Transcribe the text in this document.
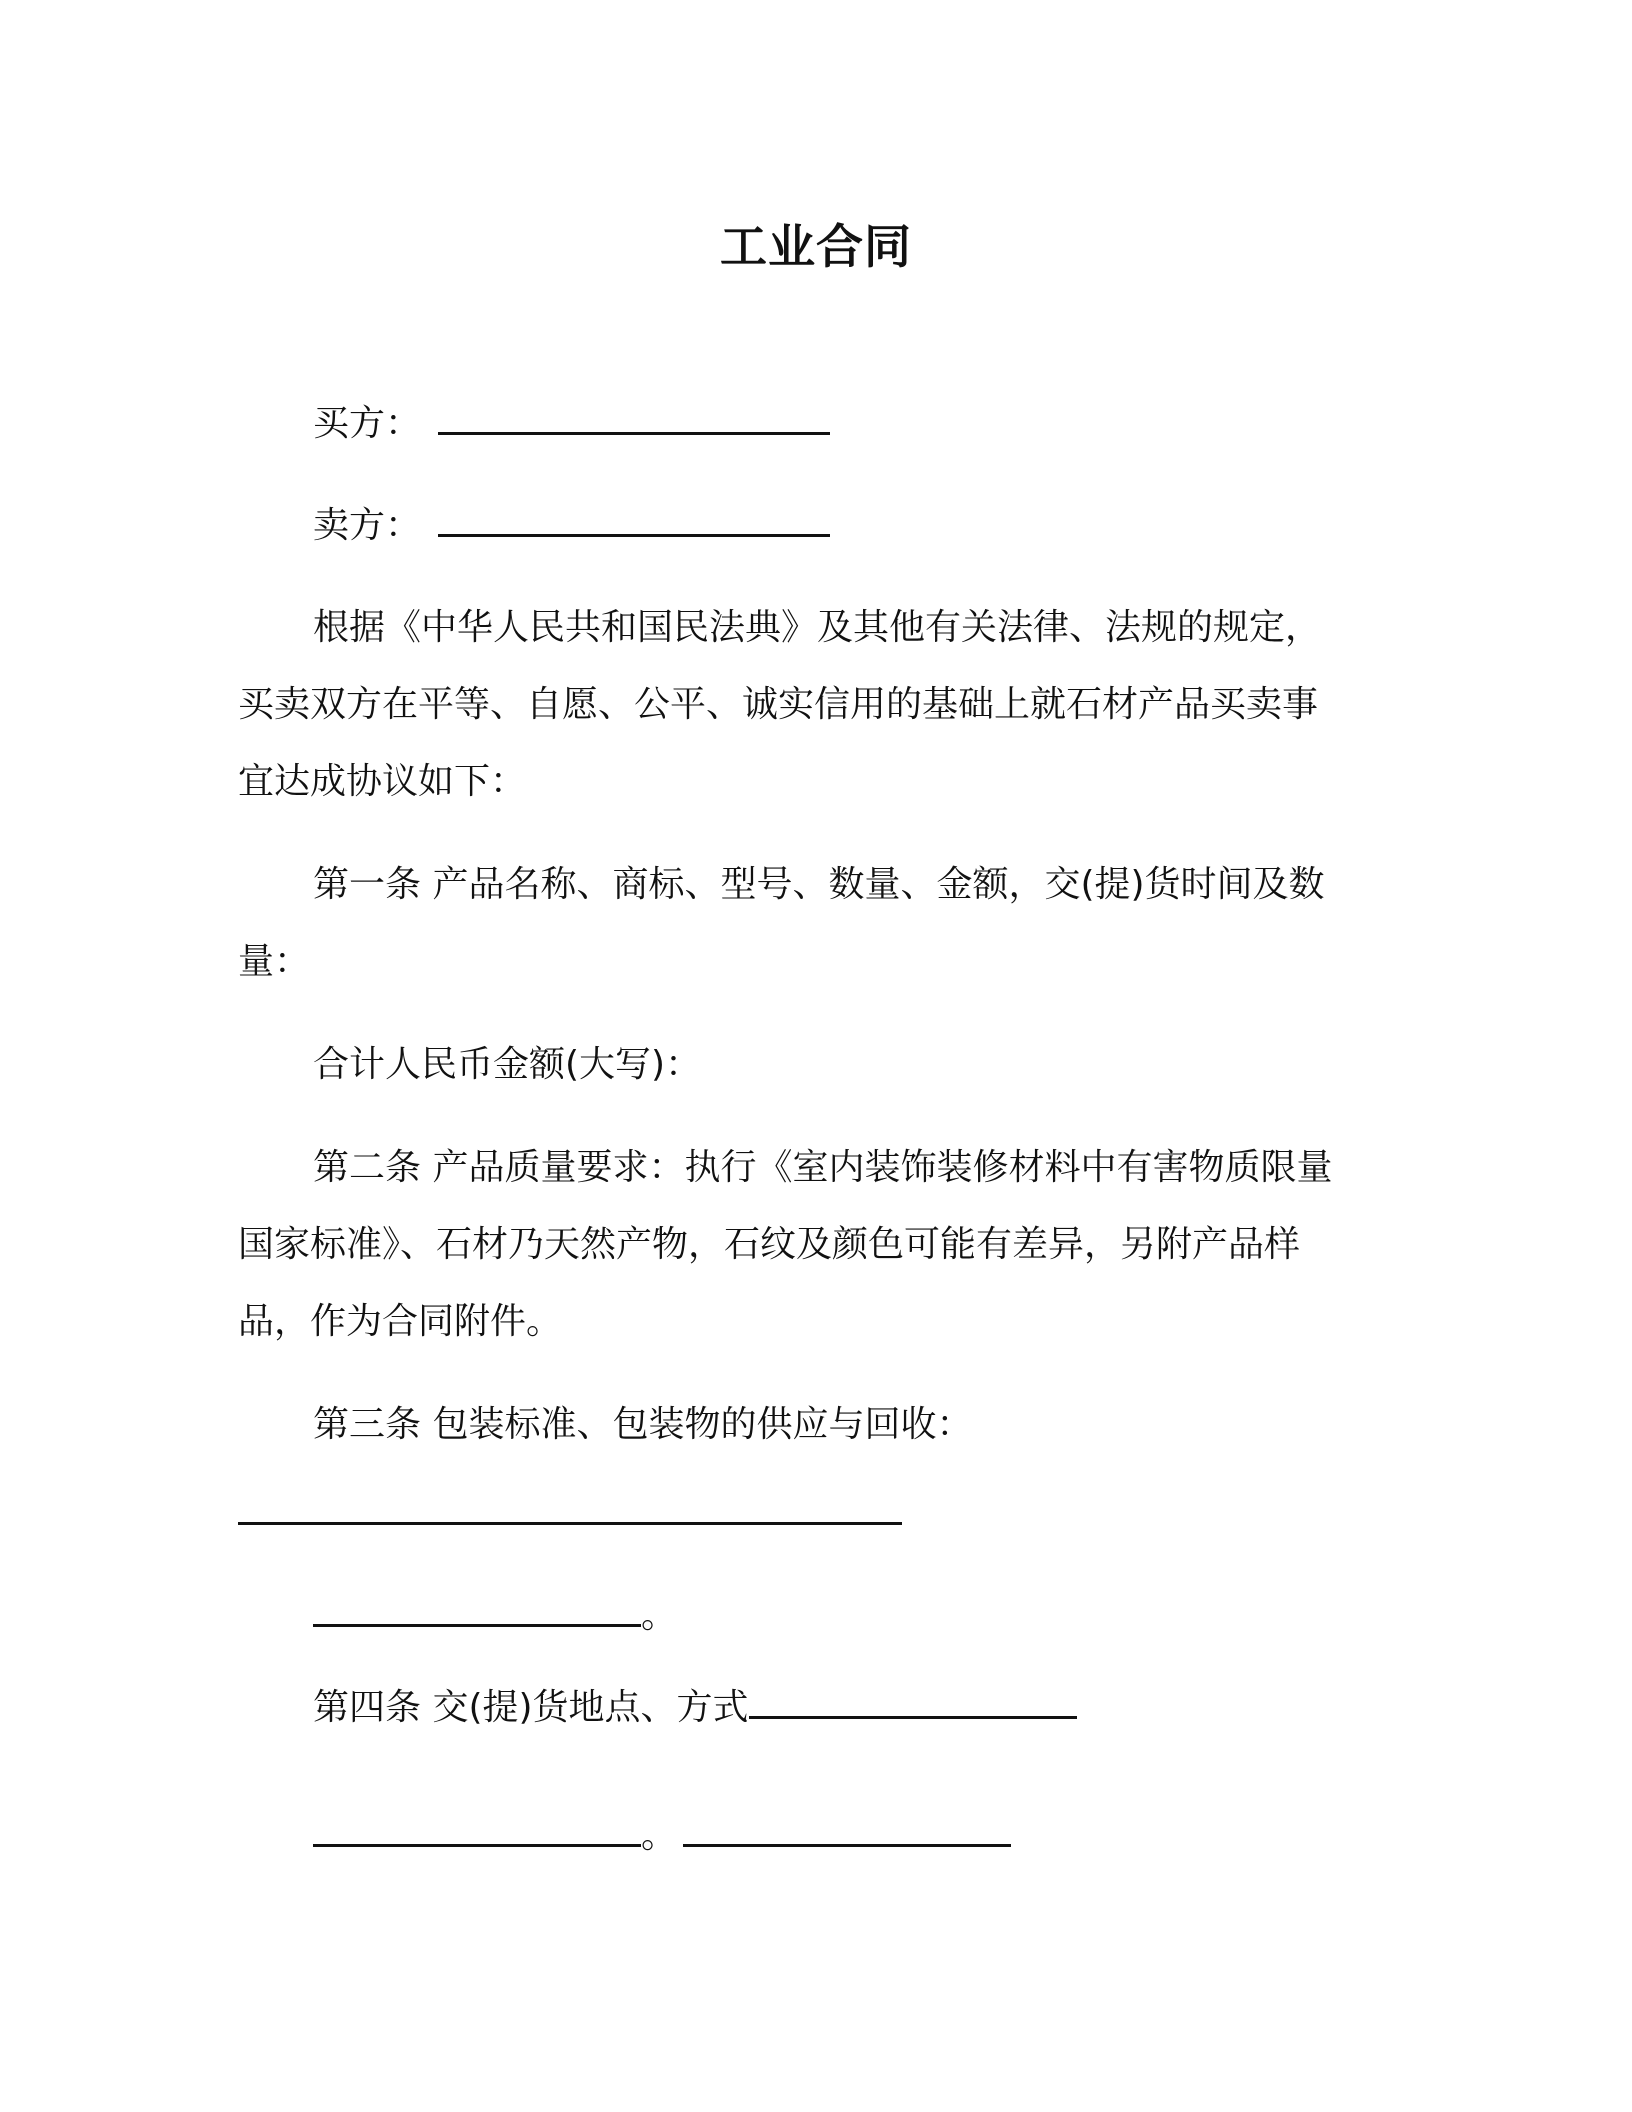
工业合同
买方：
卖方：
根据《中华人民共和国民法典》及其他有关法律、法规的规定，
买卖双方在平等、自愿、公平、诚实信用的基础上就石材产品买卖事
宜达成协议如下：
第一条 产品名称、商标、型号、数量、金额，交(提)货时间及数
量：
合计人民币金额(大写)：
第二条 产品质量要求：执行《室内装饰装修材料中有害物质限量
国家标准》、石材乃天然产物，石纹及颜色可能有差异，另附产品样
品，作为合同附件。
第三条 包装标准、包装物的供应与回收：
。
第四条 交(提)货地点、方式
。
